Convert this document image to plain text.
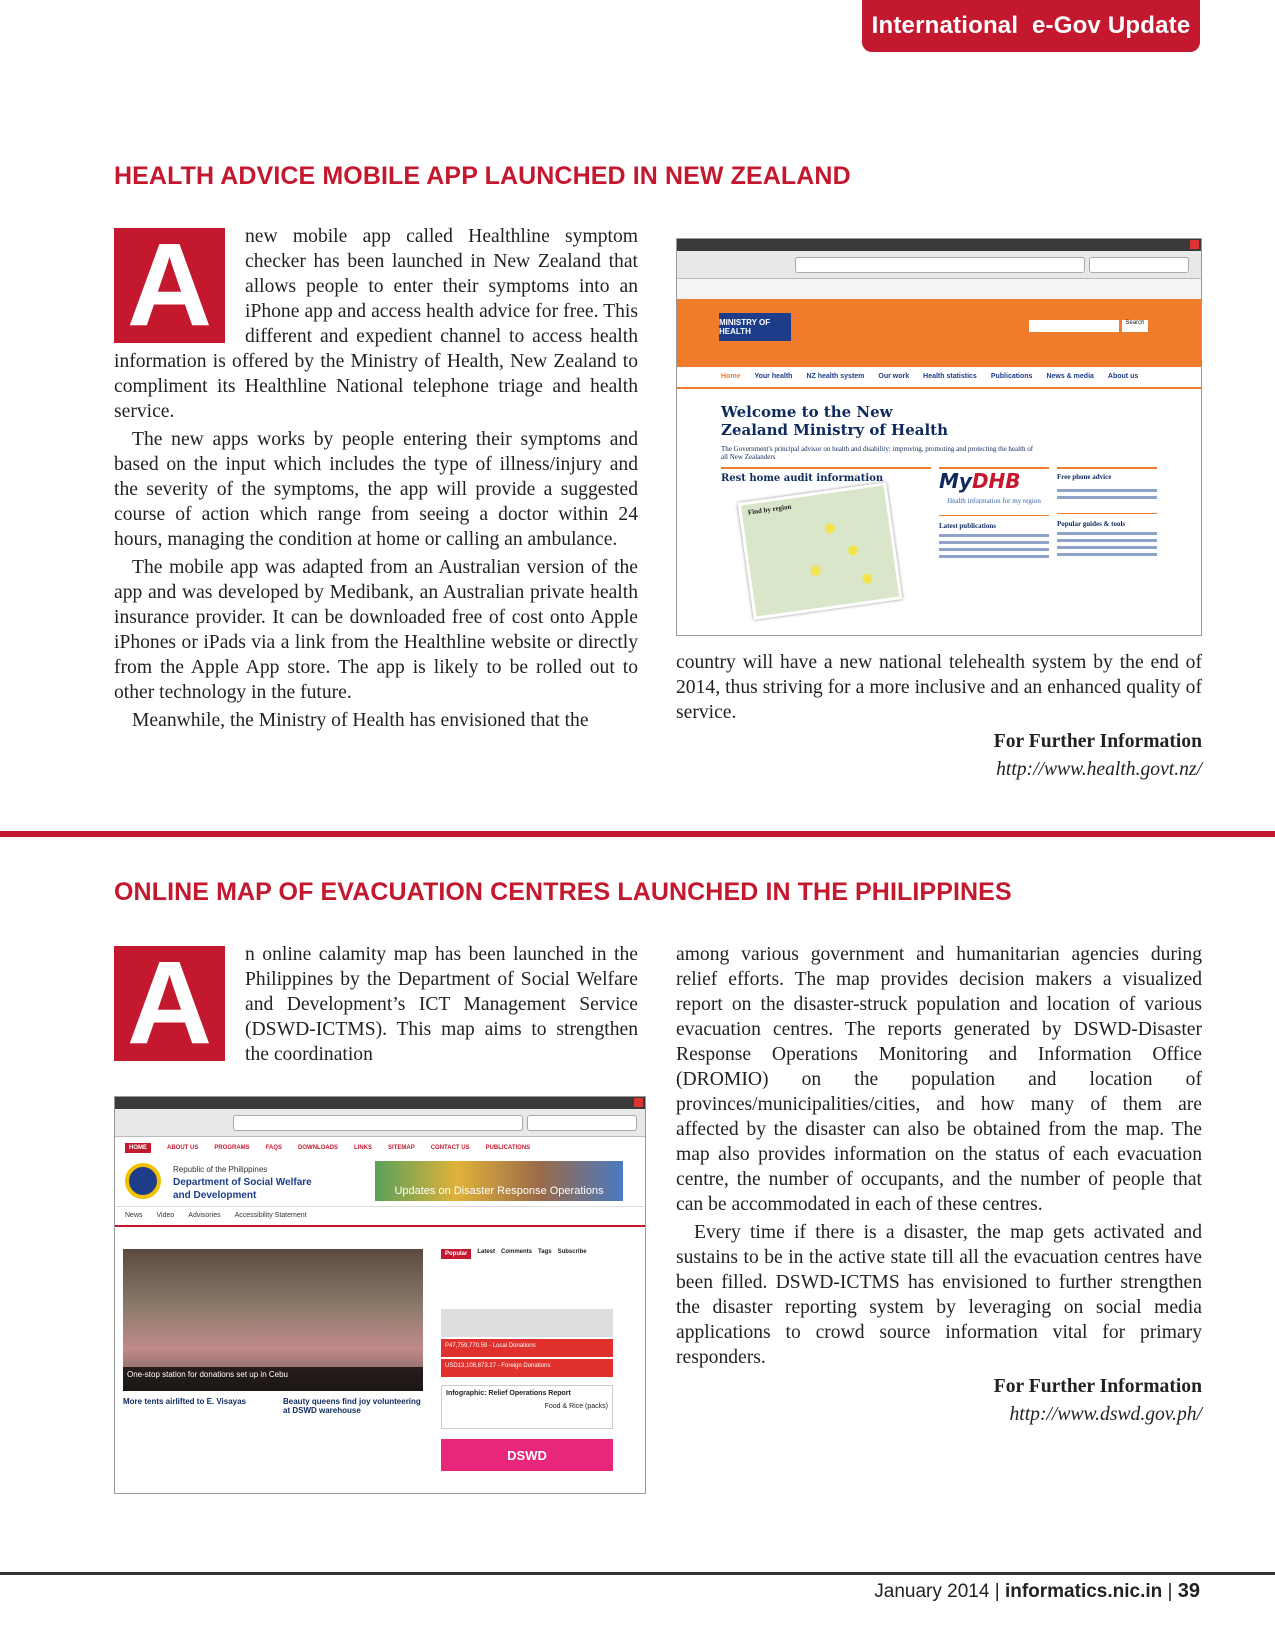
International  e-Gov Update
HEALTH ADVICE MOBILE APP LAUNCHED IN NEW ZEALAND
A	new mobile app called Healthline symptom checker has been launched in New Zealand that allows people to enter their symptoms into an iPhone app and access health advice for free. This different and expedient channel to access health information is offered by the Ministry of Health, New Zealand to compliment its Healthline National telephone triage and health service.

The new apps works by people entering their symptoms and based on the input which includes the type of illness/injury and the severity of the symptoms, the app will provide a suggested course of action which range from seeing a doctor within 24 hours, managing the condition at home or calling an ambulance.

The mobile app was adapted from an Australian version of the app and was developed by Medibank, an Australian private health insurance provider. It can be downloaded free of cost onto Apple iPhones or iPads via a link from the Healthline website or directly from the Apple App store. The app is likely to be rolled out to other technology in the future.

Meanwhile, the Ministry of Health has envisioned that the

MINISTRY OF HEALTH
Search
Home Your health NZ health system Our work Health statistics Publications News & media About us
Welcome to the New Zealand Ministry of Health
The Government's principal advisor on health and disability: improving, promoting and protecting the health of all New Zealanders
Rest home audit information
Find by region
MyDHB
Health information for my region
Latest publications
Free phone advice
Popular guides & tools

country will have a new national telehealth system by the end of 2014, thus striving for a more inclusive and an enhanced quality of service.

For Further Information

http://www.health.govt.nz/

ONLINE MAP OF EVACUATION CENTRES LAUNCHED IN THE PHILIPPINES
A	n online calamity map has been launched in the Philippines by the Department of Social Welfare and Development’s ICT Management Service (DSWD-ICTMS). This map aims to strengthen the coordination

HOME	ABOUT US	PROGRAMS	FAQS	DOWNLOADS	LINKS	SITEMAP	CONTACT US	PUBLICATIONS
Republic of the Philippines
Department of Social Welfare
and Development	Updates on Disaster Response Operations
News Video Advisories Accessibility Statement
One-stop station for donations set up in Cebu
Popular	Latest Comments Tags Subscribe
P47,759,770.59 - Local Donations
USD13,108,873.27 - Foreign Donations
Infographic: Relief Operations Report
Food & Rice (packs)
DSWD
More tents airlifted to E. Visayas	Beauty queens find joy volunteering at DSWD warehouse

among various government and humanitarian agencies during relief efforts. The map provides decision makers a visualized report on the disaster-struck population and location of various evacuation centres. The reports generated by DSWD-Disaster Response Operations Monitoring and Information Office (DROMIO) on the population and location of provinces/municipalities/cities, and how many of them are affected by the disaster can also be obtained from the map. The map also provides information on the status of each evacuation centre, the number of occupants, and the number of people that can be accommodated in each of these centres.

Every time if there is a disaster, the map gets activated and sustains to be in the active state till all the evacuation centres have been filled. DSWD-ICTMS has envisioned to further strengthen the disaster reporting system by leveraging on social media applications to crowd source information vital for primary responders.

For Further Information

http://www.dswd.gov.ph/

January 2014 | informatics.nic.in | 39
